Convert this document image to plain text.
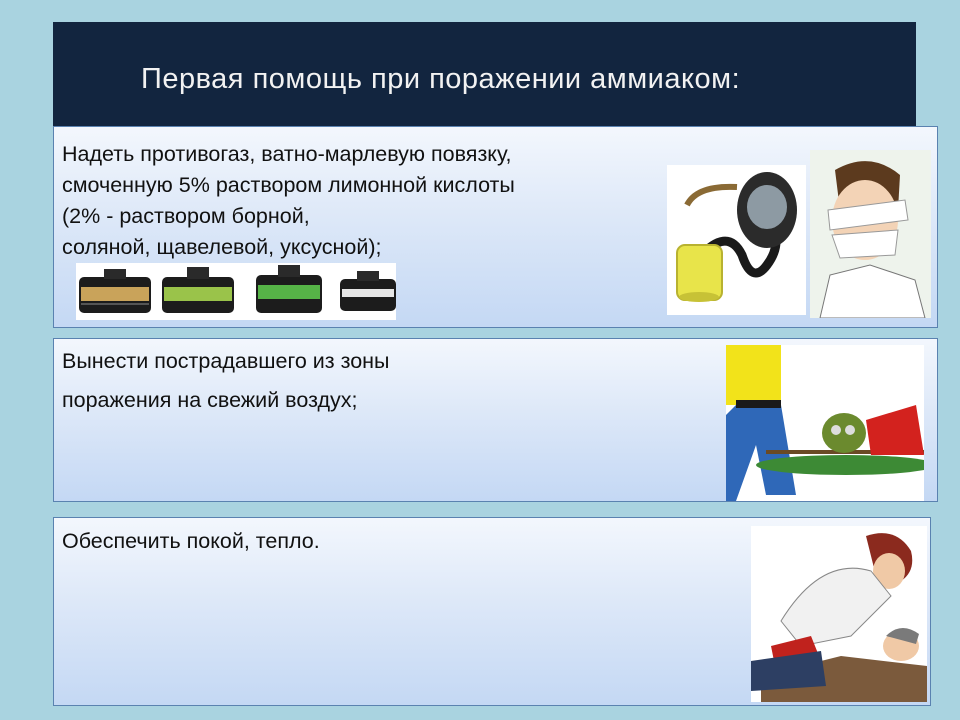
Первая помощь при поражении аммиаком:
Надеть противогаз, ватно-марлевую повязку,
смоченную 5% раствором лимонной кислоты
(2% - раствором борной,
соляной, щавелевой, уксусной);
Вынести пострадавшего из зоны
поражения на свежий воздух;
Обеспечить покой, тепло.
